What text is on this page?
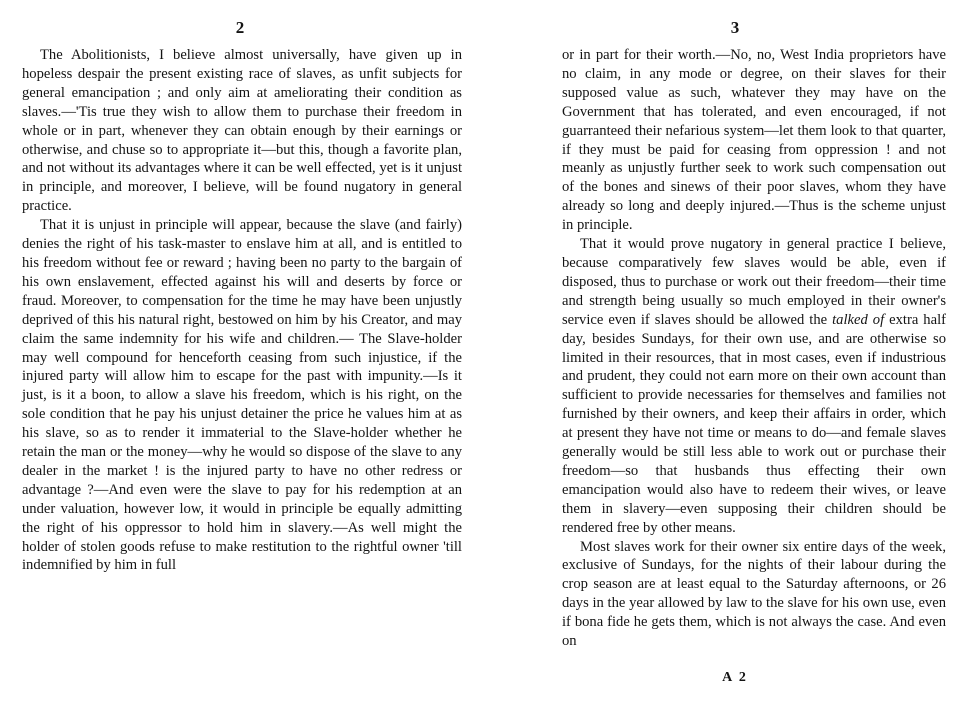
2

The Abolitionists, I believe almost universally, have given up in hopeless despair the present existing race of slaves, as unfit subjects for general emancipation ; and only aim at ameliorating their condition as slaves.—'Tis true they wish to allow them to purchase their freedom in whole or in part, whenever they can obtain enough by their earnings or otherwise, and chuse so to appropriate it—but this, though a favorite plan, and not without its advantages where it can be well effected, yet is it unjust in principle, and moreover, I believe, will be found nugatory in general practice.

That it is unjust in principle will appear, because the slave (and fairly) denies the right of his task-master to enslave him at all, and is entitled to his freedom without fee or reward ; having been no party to the bargain of his own enslavement, effected against his will and deserts by force or fraud. Moreover, to compensation for the time he may have been unjustly deprived of this his natural right, bestowed on him by his Creator, and may claim the same indemnity for his wife and children.— The Slave-holder may well compound for henceforth ceasing from such injustice, if the injured party will allow him to escape for the past with impunity.—Is it just, is it a boon, to allow a slave his freedom, which is his right, on the sole condition that he pay his unjust detainer the price he values him at as his slave, so as to render it immaterial to the Slave-holder whether he retain the man or the money—why he would so dispose of the slave to any dealer in the market ! is the injured party to have no other redress or advantage ?—And even were the slave to pay for his redemption at an under valuation, however low, it would in principle be equally admitting the right of his oppressor to hold him in slavery.—As well might the holder of stolen goods refuse to make restitution to the rightful owner 'till indemnified by him in full

3

or in part for their worth.—No, no, West India proprietors have no claim, in any mode or degree, on their slaves for their supposed value as such, whatever they may have on the Government that has tolerated, and even encouraged, if not guarranteed their nefarious system—let them look to that quarter, if they must be paid for ceasing from oppression ! and not meanly as unjustly further seek to work such compensation out of the bones and sinews of their poor slaves, whom they have already so long and deeply injured.—Thus is the scheme unjust in principle.

That it would prove nugatory in general practice I believe, because comparatively few slaves would be able, even if disposed, thus to purchase or work out their freedom—their time and strength being usually so much employed in their owner's service even if slaves should be allowed the talked of extra half day, besides Sundays, for their own use, and are otherwise so limited in their resources, that in most cases, even if industrious and prudent, they could not earn more on their own account than sufficient to provide necessaries for themselves and families not furnished by their owners, and keep their affairs in order, which at present they have not time or means to do—and female slaves generally would be still less able to work out or purchase their freedom—so that husbands thus effecting their own emancipation would also have to redeem their wives, or leave them in slavery—even supposing their children should be rendered free by other means.

Most slaves work for their owner six entire days of the week, exclusive of Sundays, for the nights of their labour during the crop season are at least equal to the Saturday afternoons, or 26 days in the year allowed by law to the slave for his own use, even if bona fide he gets them, which is not always the case. And even on

A 2
